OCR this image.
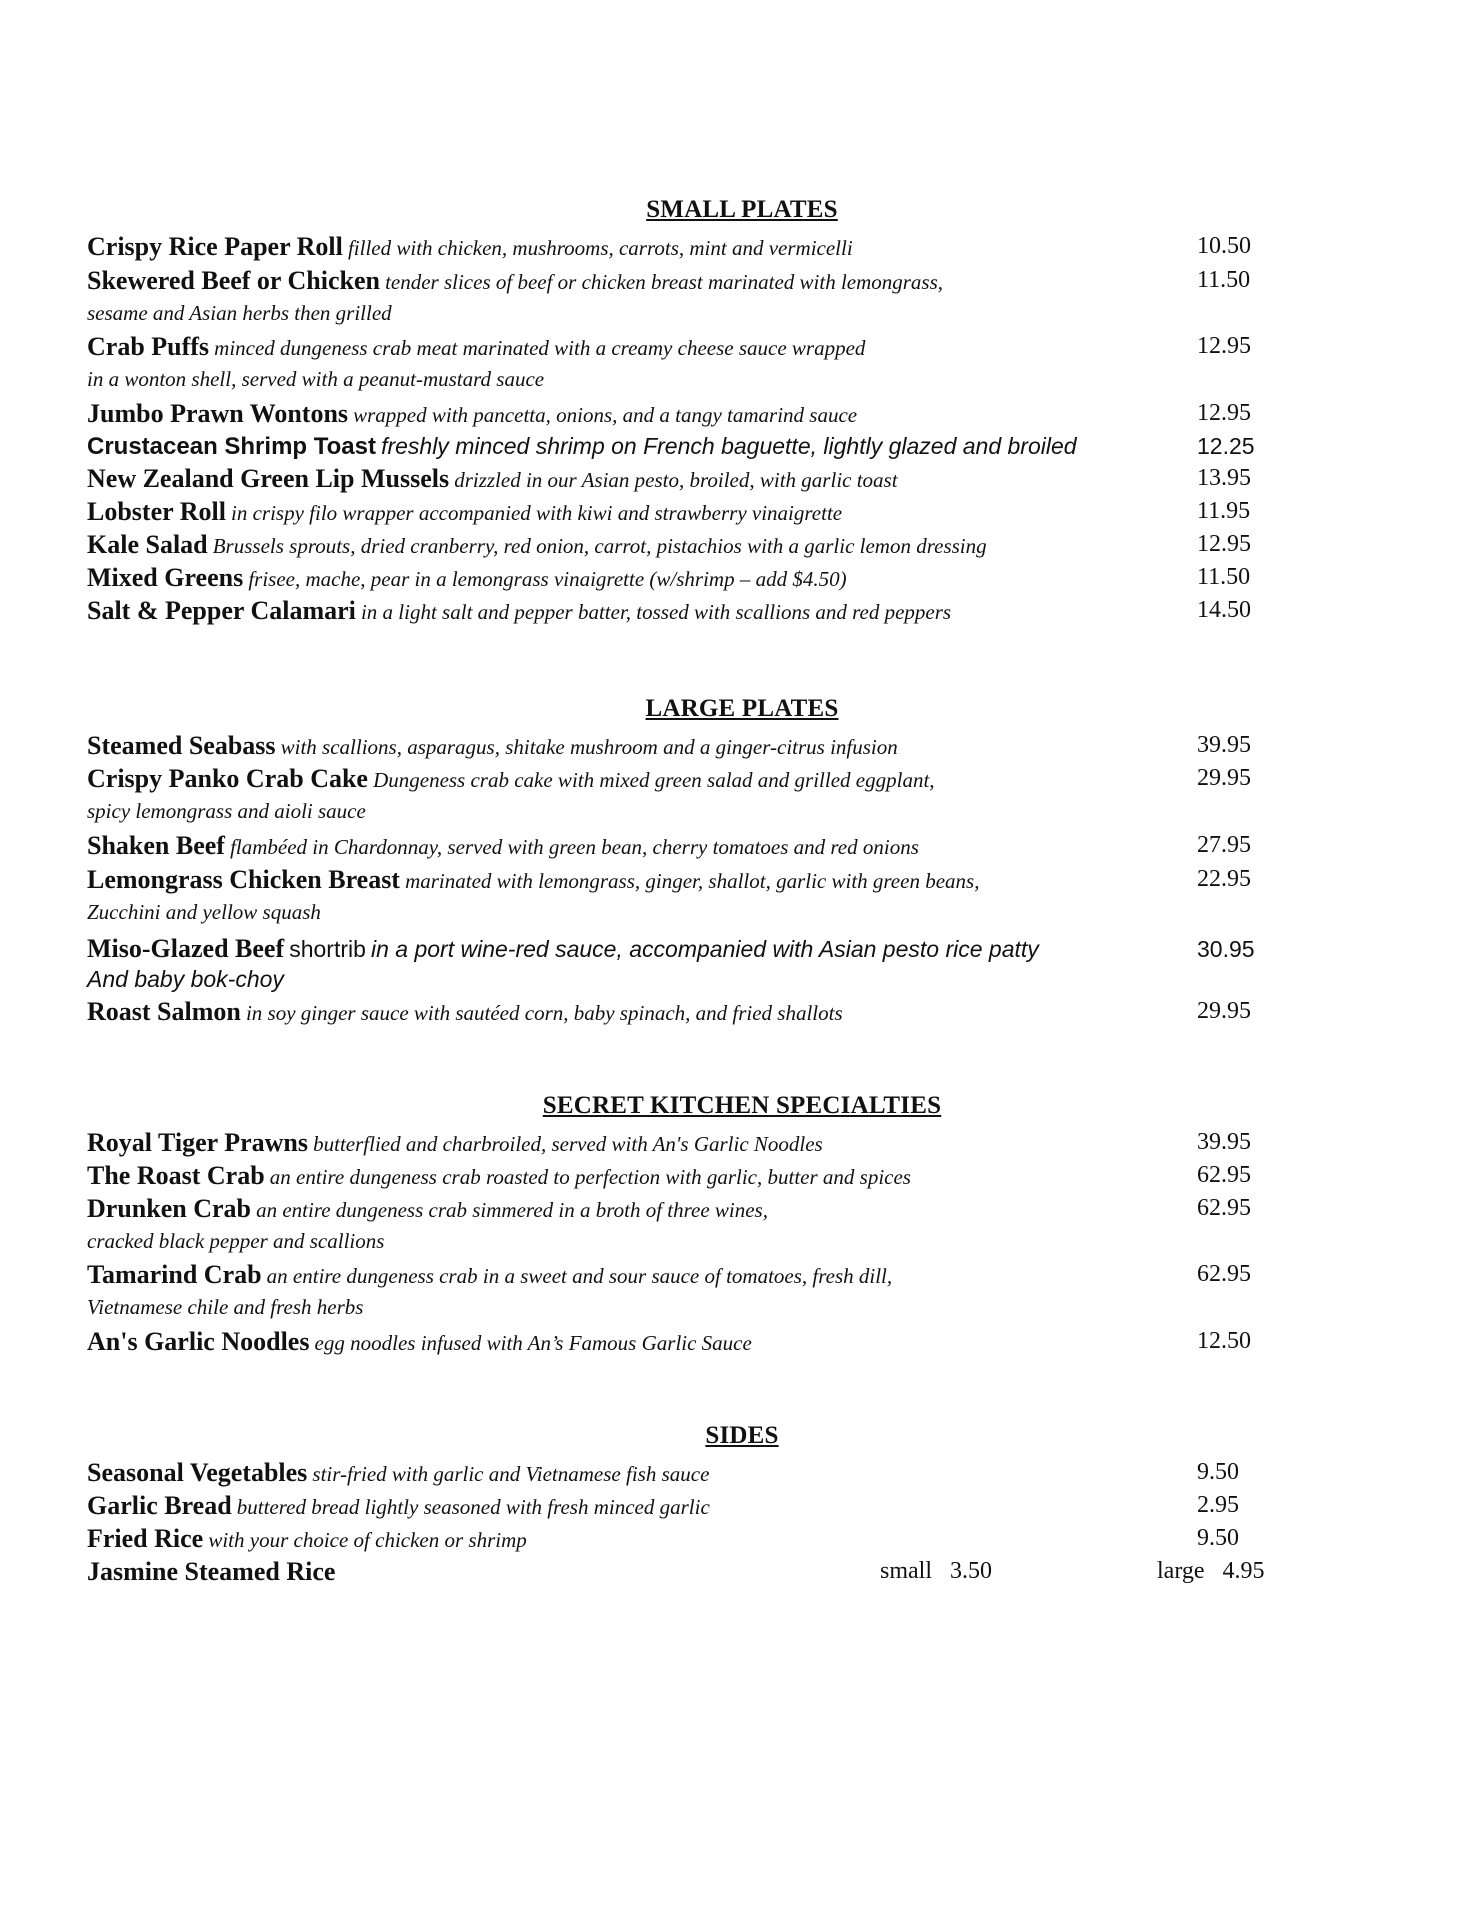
SMALL PLATES
Crispy Rice Paper Roll filled with chicken, mushrooms, carrots, mint and vermicelli	10.50
Skewered Beef or Chicken tender slices of beef or chicken breast marinated with lemongrass,	11.50
sesame and Asian herbs then grilled
Crab Puffs minced dungeness crab meat marinated with a creamy cheese sauce wrapped	12.95
in a wonton shell, served with a peanut-mustard sauce
Jumbo Prawn Wontons wrapped with pancetta, onions, and a tangy tamarind sauce	12.95
Crustacean Shrimp Toast freshly minced shrimp on French baguette, lightly glazed and broiled	12.25
New Zealand Green Lip Mussels drizzled in our Asian pesto, broiled, with garlic toast	13.95
Lobster Roll in crispy filo wrapper accompanied with kiwi and strawberry vinaigrette	11.95
Kale Salad Brussels sprouts, dried cranberry, red onion, carrot, pistachios with a garlic lemon dressing	12.95
Mixed Greens frisee, mache, pear in a lemongrass vinaigrette (w/shrimp – add $4.50)	11.50
Salt & Pepper Calamari in a light salt and pepper batter, tossed with scallions and red peppers	14.50
LARGE PLATES
Steamed Seabass with scallions, asparagus, shitake mushroom and a ginger-citrus infusion	39.95
Crispy Panko Crab Cake Dungeness crab cake with mixed green salad and grilled eggplant,	29.95
spicy lemongrass and aioli sauce
Shaken Beef flambéed in Chardonnay, served with green bean, cherry tomatoes and red onions	27.95
Lemongrass Chicken Breast marinated with lemongrass, ginger, shallot, garlic with green beans,	22.95
Zucchini and yellow squash
Miso-Glazed Beef shortrib in a port wine-red sauce, accompanied with Asian pesto rice patty	30.95
And baby bok-choy
Roast Salmon in soy ginger sauce with sautéed corn, baby spinach, and fried shallots	29.95
SECRET KITCHEN SPECIALTIES
Royal Tiger Prawns butterflied and charbroiled, served with An's Garlic Noodles	39.95
The Roast Crab an entire dungeness crab roasted to perfection with garlic, butter and spices	62.95
Drunken Crab an entire dungeness crab simmered in a broth of three wines,	62.95
cracked black pepper and scallions
Tamarind Crab an entire dungeness crab in a sweet and sour sauce of tomatoes, fresh dill,	62.95
Vietnamese chile and fresh herbs
An's Garlic Noodles egg noodles infused with An’s Famous Garlic Sauce	12.50
SIDES
Seasonal Vegetables stir-fried with garlic and Vietnamese fish sauce	9.50
Garlic Bread buttered bread lightly seasoned with fresh minced garlic	2.95
Fried Rice with your choice of chicken or shrimp	9.50
Jasmine Steamed Rice	small 3.50	large 4.95
